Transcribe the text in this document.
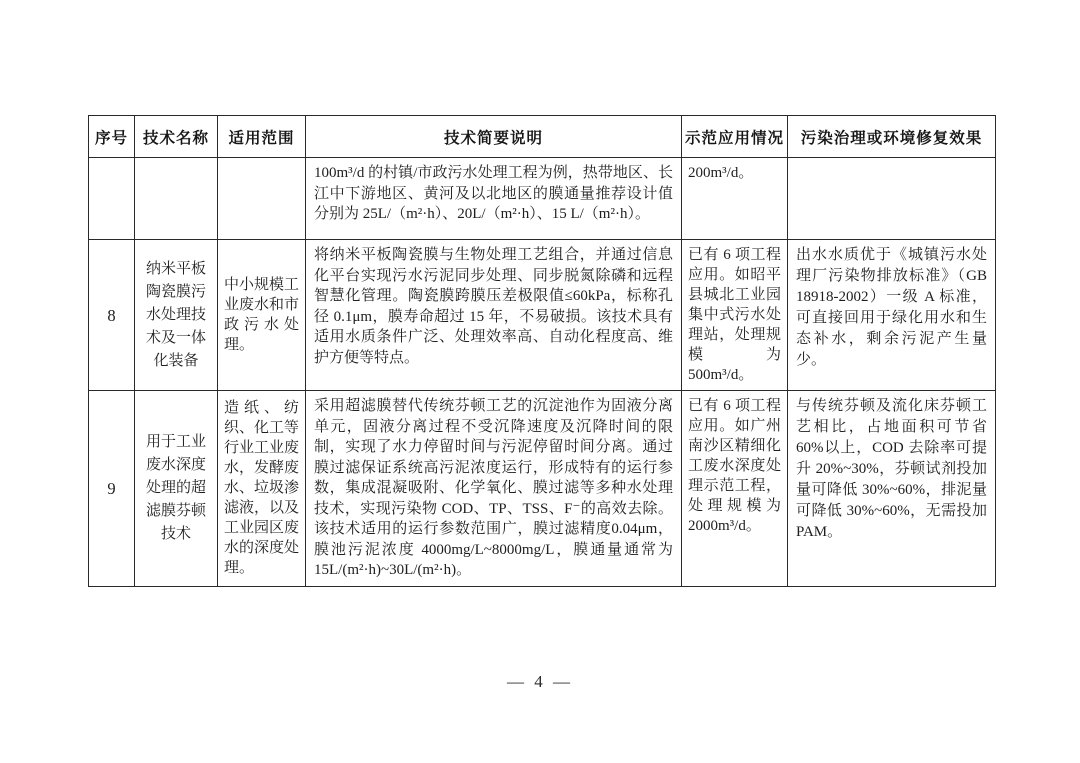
序号	技术名称	适用范围	技术简要说明	示范应用情况	污染治理或环境修复效果
			100m³/d 的村镇/市政污水处理工程为例，热带地区、长江中下游地区、黄河及以北地区的膜通量推荐设计值分别为 25L/（m²·h）、20L/（m²·h）、15 L/（m²·h）。	200m³/d。	
8	纳米平板陶瓷膜污水处理技术及一体化装备	中小规模工业废水和市政污水处理。	将纳米平板陶瓷膜与生物处理工艺组合，并通过信息化平台实现污水污泥同步处理、同步脱氮除磷和远程智慧化管理。陶瓷膜跨膜压差极限值≤60kPa，标称孔径 0.1μm，膜寿命超过 15 年，不易破损。该技术具有适用水质条件广泛、处理效率高、自动化程度高、维护方便等特点。	已有 6 项工程应用。如昭平县城北工业园集中式污水处理站，处理规模为500m³/d。	出水水质优于《城镇污水处理厂污染物排放标准》（GB 18918-2002）一级 A 标准，可直接回用于绿化用水和生态补水，剩余污泥产生量少。
9	用于工业废水深度处理的超滤膜芬顿技术	造纸、纺织、化工等行业工业废水，发酵废水、垃圾渗滤液，以及工业园区废水的深度处理。	采用超滤膜替代传统芬顿工艺的沉淀池作为固液分离单元，固液分离过程不受沉降速度及沉降时间的限制，实现了水力停留时间与污泥停留时间分离。通过膜过滤保证系统高污泥浓度运行，形成特有的运行参数，集成混凝吸附、化学氧化、膜过滤等多种水处理技术，实现污染物 COD、TP、TSS、F⁻的高效去除。该技术适用的运行参数范围广，膜过滤精度0.04μm，膜池污泥浓度 4000mg/L~8000mg/L，膜通量通常为 15L/(m²·h)~30L/(m²·h)。	已有 6 项工程应用。如广州南沙区精细化工废水深度处理示范工程，处理规模为2000m³/d。	与传统芬顿及流化床芬顿工艺相比，占地面积可节省60%以上，COD 去除率可提升 20%~30%，芬顿试剂投加量可降低 30%~60%，排泥量可降低 30%~60%，无需投加 PAM。
— 4 —
